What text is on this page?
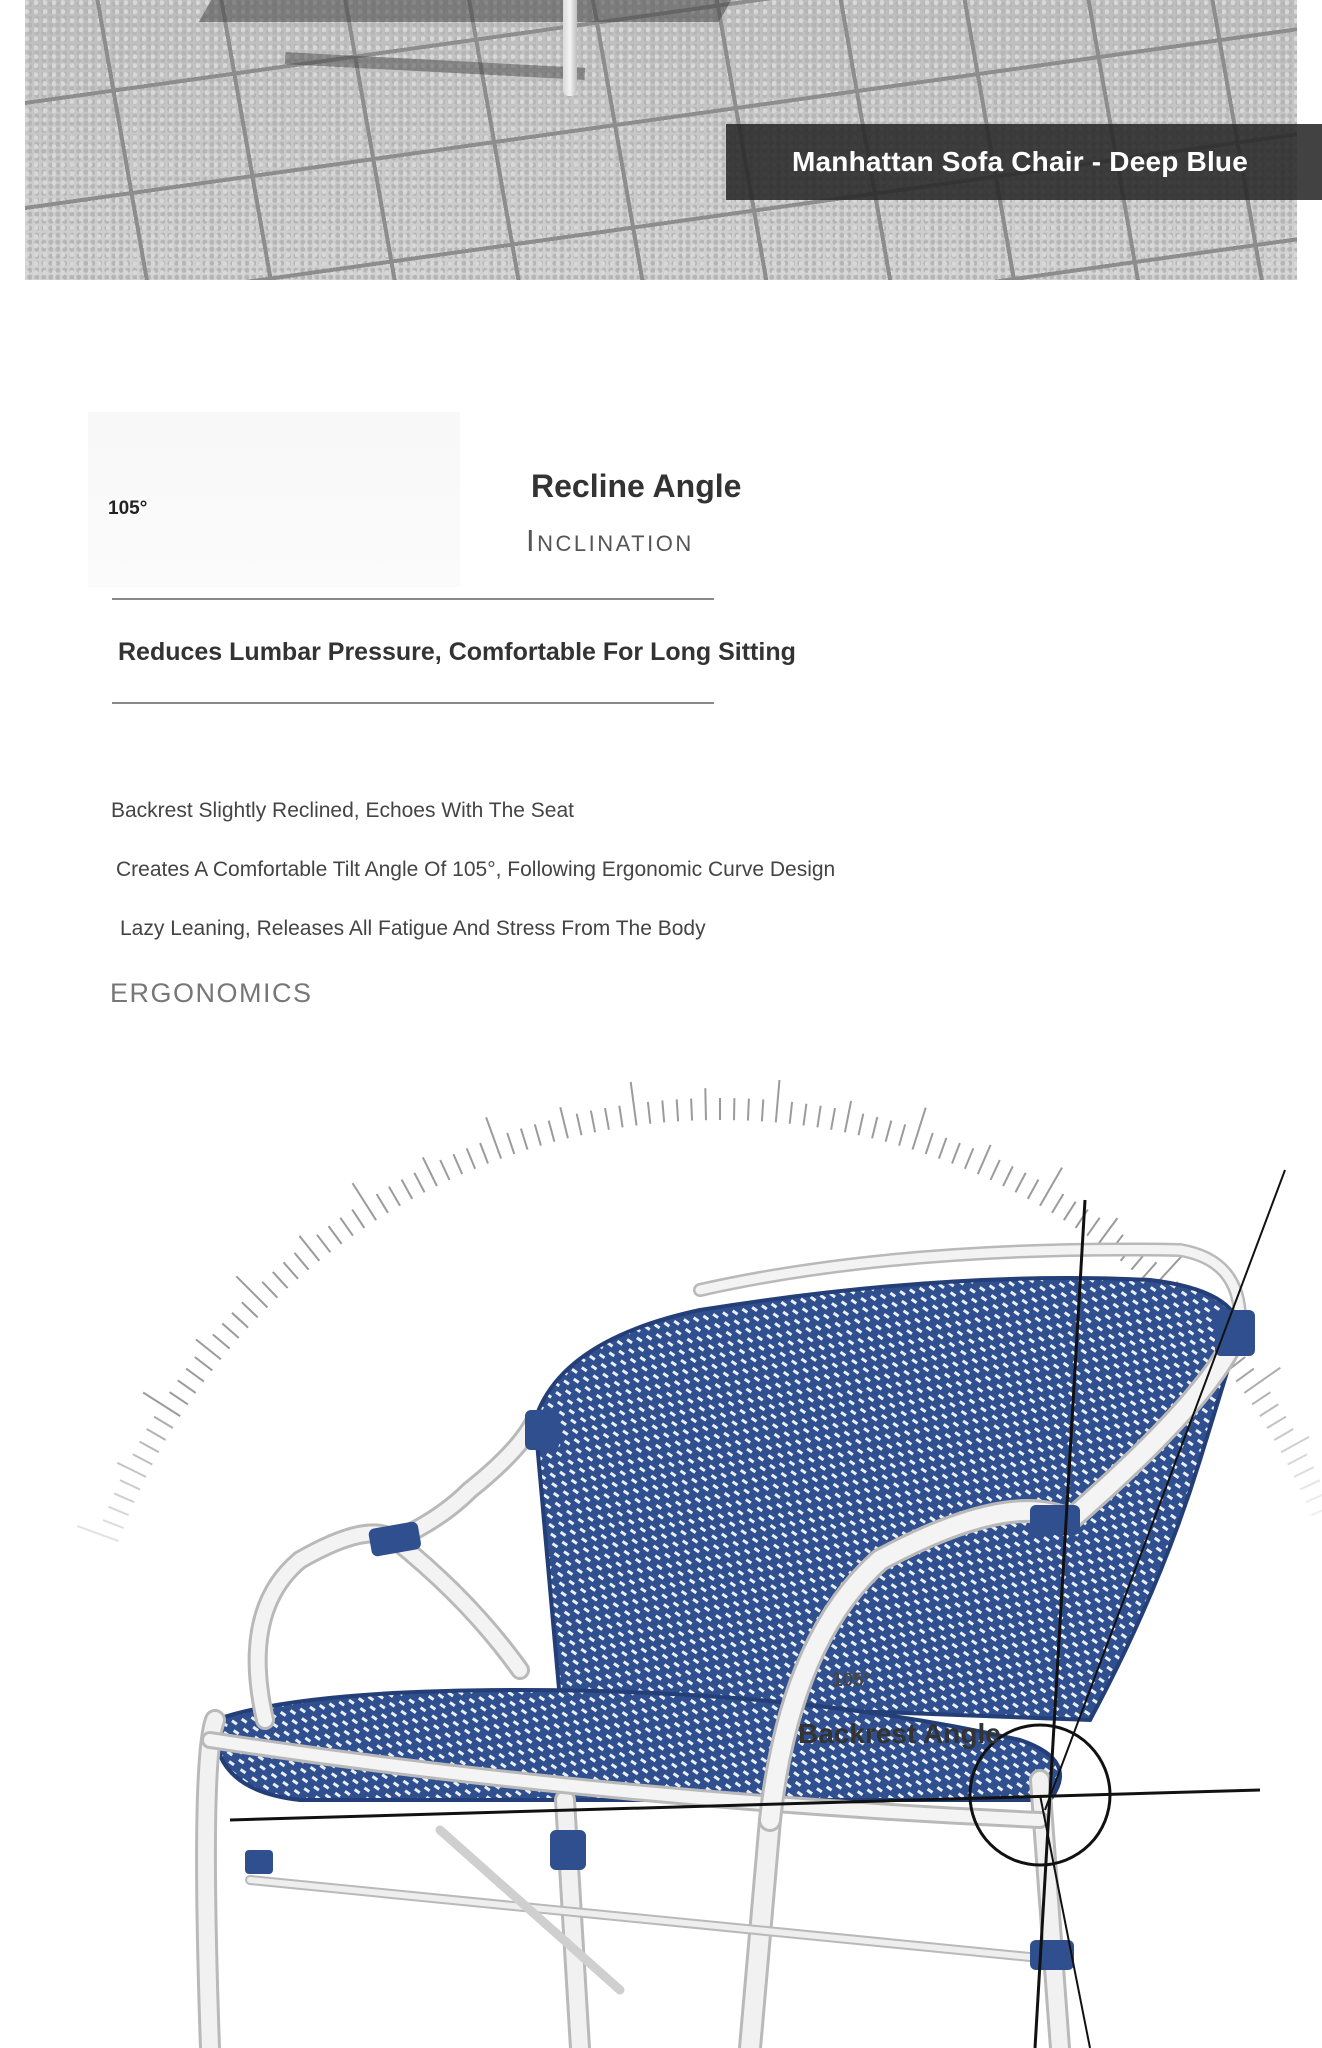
Manhattan Sofa Chair - Deep Blue
105°
Recline Angle
Inclination
Reduces Lumbar Pressure, Comfortable For Long Sitting
Backrest Slightly Reclined, Echoes With The Seat
Creates A Comfortable Tilt Angle Of 105°, Following Ergonomic Curve Design
Lazy Leaning, Releases All Fatigue And Stress From The Body
ERGONOMICS
105°
Backrest Angle
